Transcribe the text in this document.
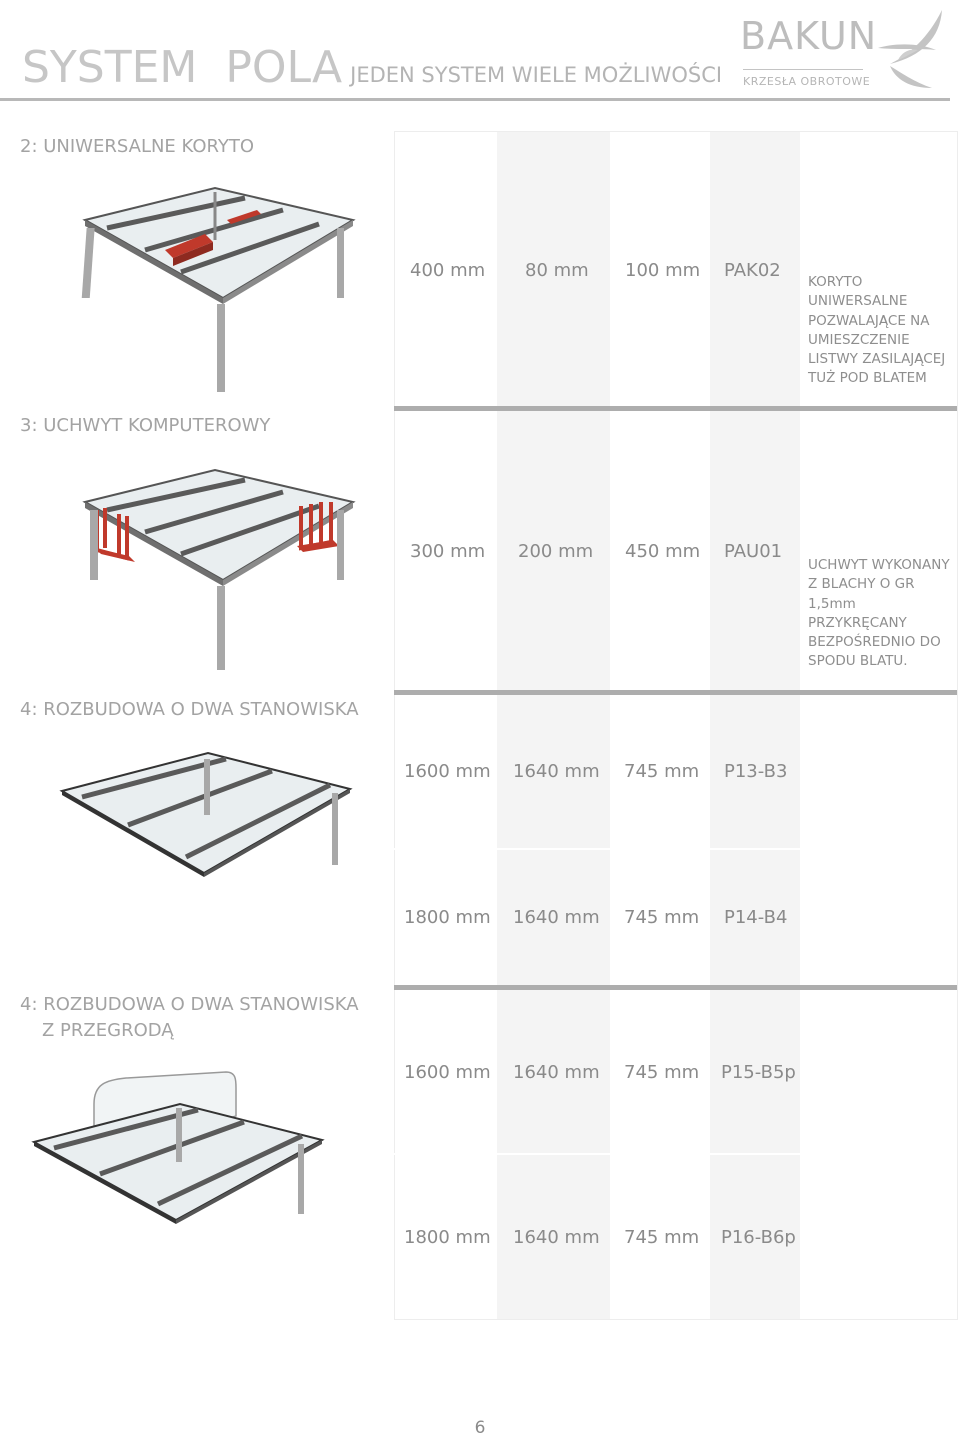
SYSTEM  POLA JEDEN SYSTEM WIELE MOŻLIWOŚCI
BAKUN
KRZESŁA OBROTOWE
2: UNIWERSALNE KORYTO
3: UCHWYT KOMPUTEROWY
4: ROZBUDOWA O DWA STANOWISKA
4: ROZBUDOWA O DWA STANOWISKA
Z PRZEGRODĄ
400 mm 80 mm 100 mm PAK02
KORYTO UNIWERSALNE POZWALAJĄCE NA UMIESZCZENIE LISTWY ZASILAJĄCEJ TUŻ POD BLATEM
300 mm 200 mm 450 mm PAU01
UCHWYT WYKONANY Z BLACHY O GR 1,5mm PRZYKRĘCANY BEZPOŚREDNIO DO SPODU BLATU.
1600 mm 1640 mm 745 mm P13-B3
1800 mm 1640 mm 745 mm P14-B4
1600 mm 1640 mm 745 mm P15-B5p
1800 mm 1640 mm 745 mm P16-B6p
6
